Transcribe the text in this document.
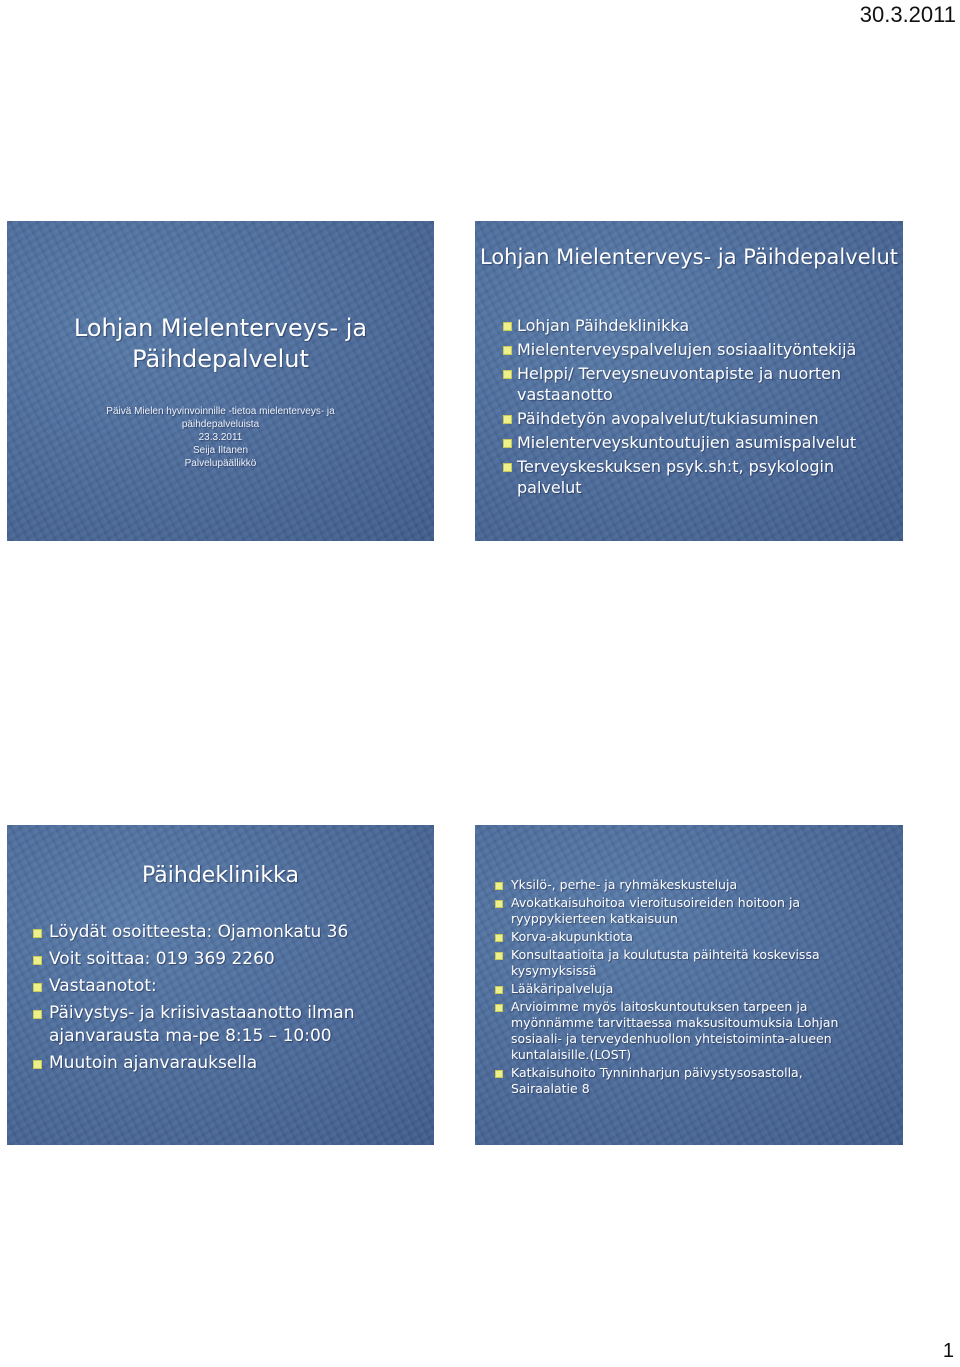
30.3.2011
Lohjan Mielenterveys- ja Päihdepalvelut
Päivä Mielen hyvinvoinnille -tietoa mielenterveys- ja päihdepalveluista
23.3.2011
Seija Iltanen
Palvelupäällikkö
Lohjan Mielenterveys- ja Päihdepalvelut
Lohjan Päihdeklinikka
Mielenterveyspalvelujen sosiaalityöntekijä
Helppi/ Terveysneuvontapiste ja nuorten vastaanotto
Päihdetyön avopalvelut/tukiasuminen
Mielenterveyskuntoutujien asumispalvelut
Terveyskeskuksen psyk.sh:t, psykologin palvelut
Päihdeklinikka
Löydät osoitteesta: Ojamonkatu 36
Voit soittaa: 019 369 2260
Vastaanotot:
Päivystys- ja kriisivastaanotto ilman ajanvarausta ma-pe 8:15 – 10:00
Muutoin ajanvarauksella
Yksilö-, perhe- ja ryhmäkeskusteluja
Avokatkaisuhoitoa vieroitusoireiden hoitoon ja ryyppykierteen katkaisuun
Korva-akupunktiota
Konsultaatioita ja koulutusta päihteitä koskevissa kysymyksissä
Lääkäripalveluja
Arvioimme myös laitoskuntoutuksen tarpeen ja myönnämme tarvittaessa maksusitoumuksia Lohjan sosiaali- ja terveydenhuollon yhteistoiminta-alueen kuntalaisille.(LOST)
Katkaisuhoito Tynninharjun päivystysosastolla, Sairaalatie 8
1
